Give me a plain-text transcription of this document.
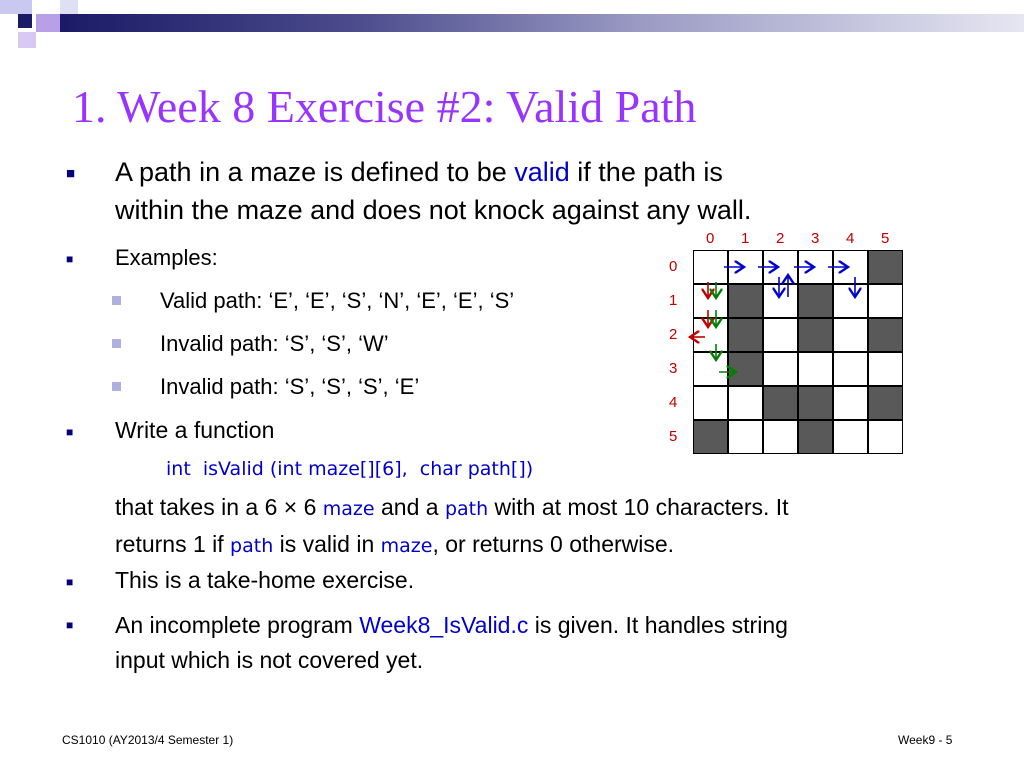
1. Week 8 Exercise #2: Valid Path
■ A path in a maze is defined to be valid if the path is
within the maze and does not knock against any wall.
■ Examples:
Valid path: ‘E’, ‘E’, ‘S’, ‘N’, ‘E’, ‘E’, ‘S’
Invalid path: ‘S’, ‘S’, ‘W’
Invalid path: ‘S’, ‘S’, ‘S’, ‘E’
■ Write a function
int  isValid (int maze[][6],  char path[])
that takes in a 6 × 6 maze and a path with at most 10 characters. It
returns 1 if path is valid in maze, or returns 0 otherwise.
■ This is a take-home exercise.
■ An incomplete program Week8_IsValid.c is given. It handles string
input which is not covered yet.
0 1 2 3 4 5
0
1
2
3
4
5
CS1010 (AY2013/4 Semester 1)	Week9 - 5
